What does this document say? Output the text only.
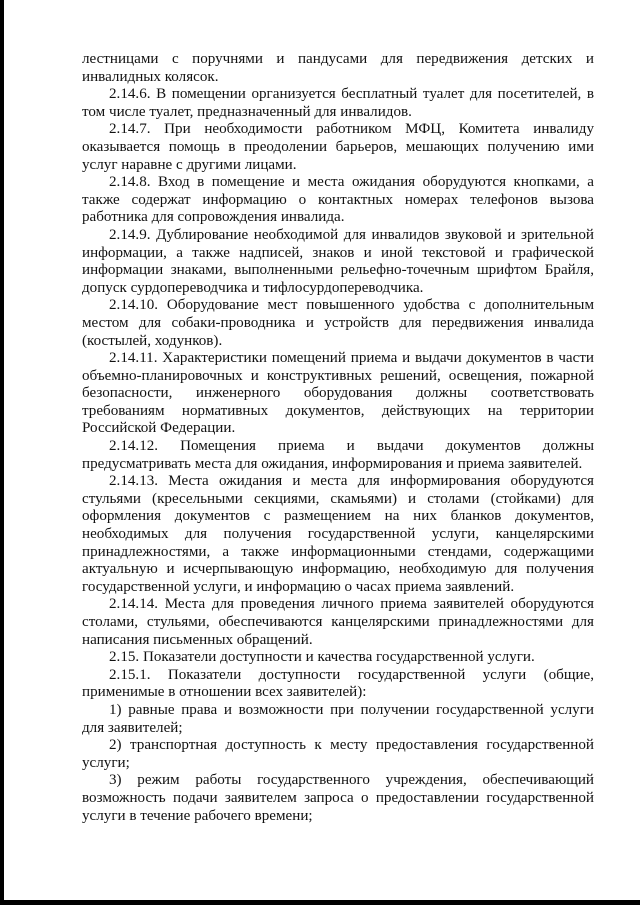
лестницами с поручнями и пандусами для передвижения детских и инвалидных колясок.

2.14.6. В помещении организуется бесплатный туалет для посетителей, в том числе туалет, предназначенный для инвалидов.

2.14.7. При необходимости работником МФЦ, Комитета инвалиду оказывается помощь в преодолении барьеров, мешающих получению ими услуг наравне с другими лицами.

2.14.8. Вход в помещение и места ожидания оборудуются кнопками, а также содержат информацию о контактных номерах телефонов вызова работника для сопровождения инвалида.

2.14.9. Дублирование необходимой для инвалидов звуковой и зрительной информации, а также надписей, знаков и иной текстовой и графической информации знаками, выполненными рельефно-точечным шрифтом Брайля, допуск сурдопереводчика и тифлосурдопереводчика.

2.14.10. Оборудование мест повышенного удобства с дополнительным местом для собаки-проводника и устройств для передвижения инвалида (костылей, ходунков).

2.14.11. Характеристики помещений приема и выдачи документов в части объемно-планировочных и конструктивных решений, освещения, пожарной безопасности, инженерного оборудования должны соответствовать требованиям нормативных документов, действующих на территории Российской Федерации.

2.14.12. Помещения приема и выдачи документов должны предусматривать места для ожидания, информирования и приема заявителей.

2.14.13. Места ожидания и места для информирования оборудуются стульями (кресельными секциями, скамьями) и столами (стойками) для оформления документов с размещением на них бланков документов, необходимых для получения государственной услуги, канцелярскими принадлежностями, а также информационными стендами, содержащими актуальную и исчерпывающую информацию, необходимую для получения государственной услуги, и информацию о часах приема заявлений.

2.14.14. Места для проведения личного приема заявителей оборудуются столами, стульями, обеспечиваются канцелярскими принадлежностями для написания письменных обращений.

2.15. Показатели доступности и качества государственной услуги.

2.15.1. Показатели доступности государственной услуги (общие, применимые в отношении всех заявителей):

1) равные права и возможности при получении государственной услуги для заявителей;

2) транспортная доступность к месту предоставления государственной услуги;

3) режим работы государственного учреждения, обеспечивающий возможность подачи заявителем запроса о предоставлении государственной услуги в течение рабочего времени;
